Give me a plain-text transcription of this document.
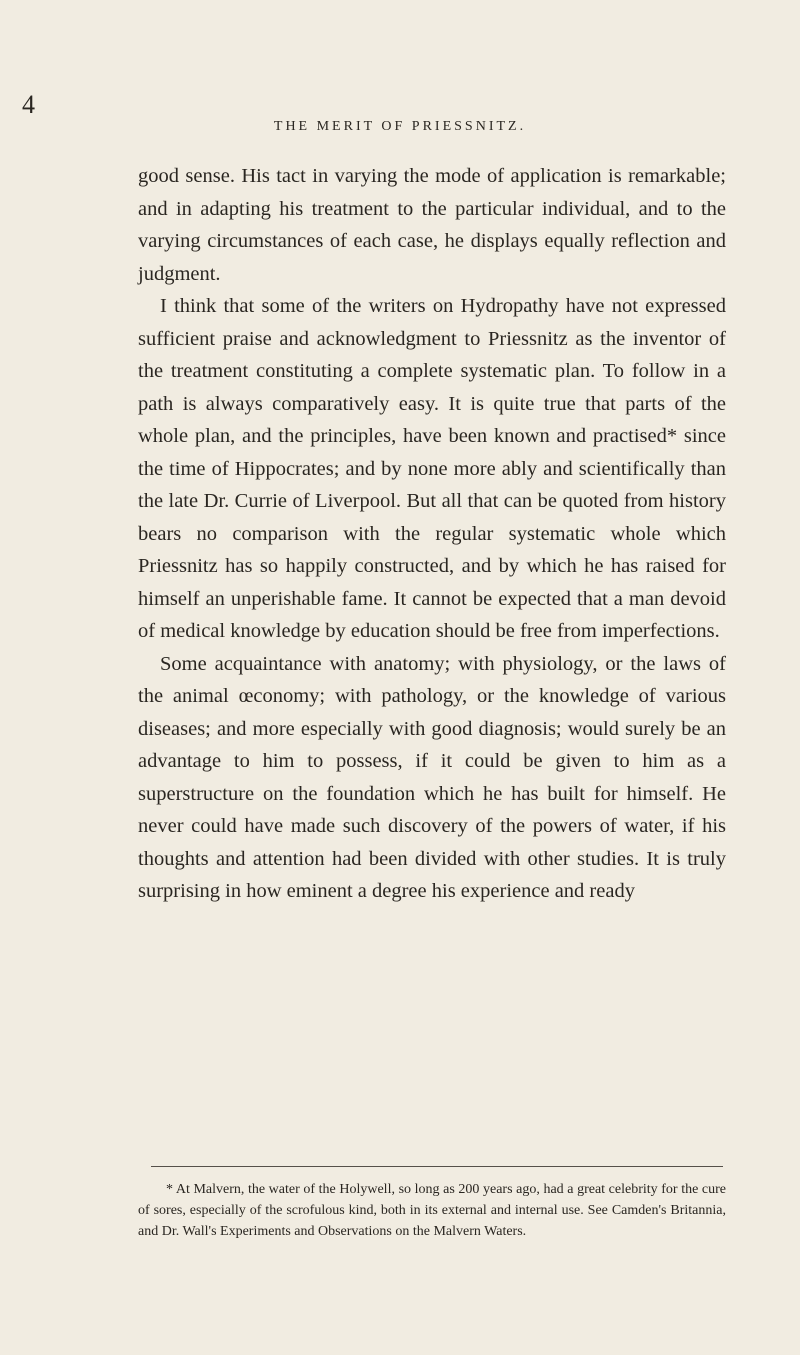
4
THE MERIT OF PRIESSNITZ.

good sense. His tact in varying the mode of application is remarkable; and in adapting his treatment to the particular individual, and to the varying circumstances of each case, he displays equally reflection and judgment.

I think that some of the writers on Hydropathy have not expressed sufficient praise and acknowledgment to Priessnitz as the inventor of the treatment constituting a complete systematic plan. To follow in a path is always comparatively easy. It is quite true that parts of the whole plan, and the principles, have been known and practised* since the time of Hippocrates; and by none more ably and scientifically than the late Dr. Currie of Liverpool. But all that can be quoted from history bears no comparison with the regular systematic whole which Priessnitz has so happily constructed, and by which he has raised for himself an unperishable fame. It cannot be expected that a man devoid of medical knowledge by education should be free from imperfections.

Some acquaintance with anatomy; with physiology, or the laws of the animal œconomy; with pathology, or the knowledge of various diseases; and more especially with good diagnosis; would surely be an advantage to him to possess, if it could be given to him as a superstructure on the foundation which he has built for himself. He never could have made such discovery of the powers of water, if his thoughts and attention had been divided with other studies. It is truly surprising in how eminent a degree his experience and ready

* At Malvern, the water of the Holywell, so long as 200 years ago, had a great celebrity for the cure of sores, especially of the scrofulous kind, both in its external and internal use. See Camden's Britannia, and Dr. Wall's Experiments and Observations on the Malvern Waters.
